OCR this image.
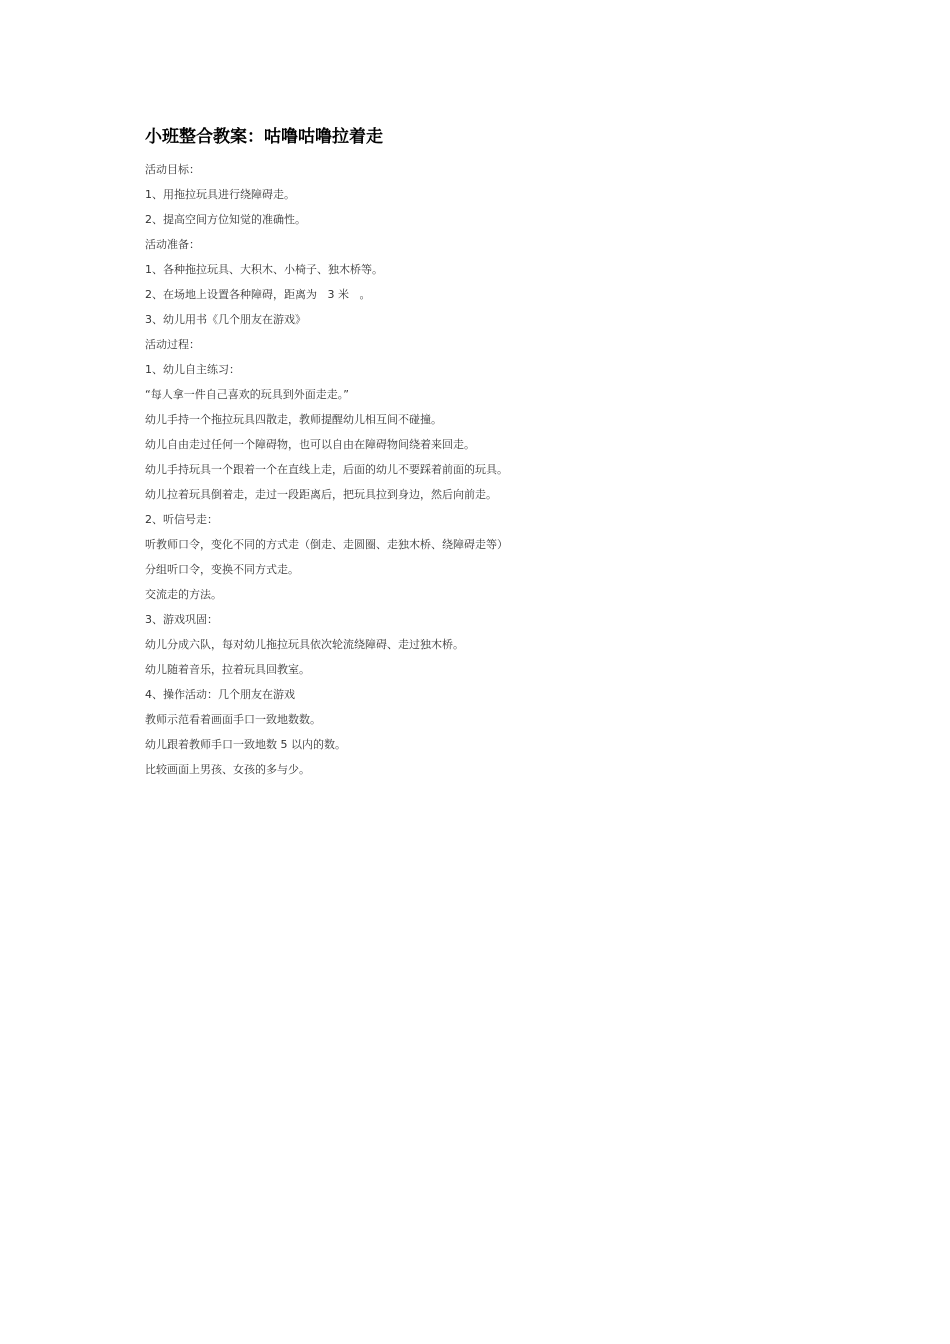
小班整合教案：咕噜咕噜拉着走
活动目标：
1、用拖拉玩具进行绕障碍走。
2、提高空间方位知觉的准确性。
活动准备：
1、各种拖拉玩具、大积木、小椅子、独木桥等。
2、在场地上设置各种障碍，距离为   3 米   。
3、幼儿用书《几个朋友在游戏》
活动过程：
1、幼儿自主练习：
“每人拿一件自己喜欢的玩具到外面走走。”
幼儿手持一个拖拉玩具四散走，教师提醒幼儿相互间不碰撞。
幼儿自由走过任何一个障碍物，也可以自由在障碍物间绕着来回走。
幼儿手持玩具一个跟着一个在直线上走，后面的幼儿不要踩着前面的玩具。
幼儿拉着玩具倒着走，走过一段距离后，把玩具拉到身边，然后向前走。
2、听信号走：
听教师口令，变化不同的方式走（倒走、走圆圈、走独木桥、绕障碍走等）
分组听口令，变换不同方式走。
交流走的方法。
3、游戏巩固：
幼儿分成六队，每对幼儿拖拉玩具依次轮流绕障碍、走过独木桥。
幼儿随着音乐，拉着玩具回教室。
4、操作活动：几个朋友在游戏
教师示范看着画面手口一致地数数。
幼儿跟着教师手口一致地数 5 以内的数。
比较画面上男孩、女孩的多与少。
